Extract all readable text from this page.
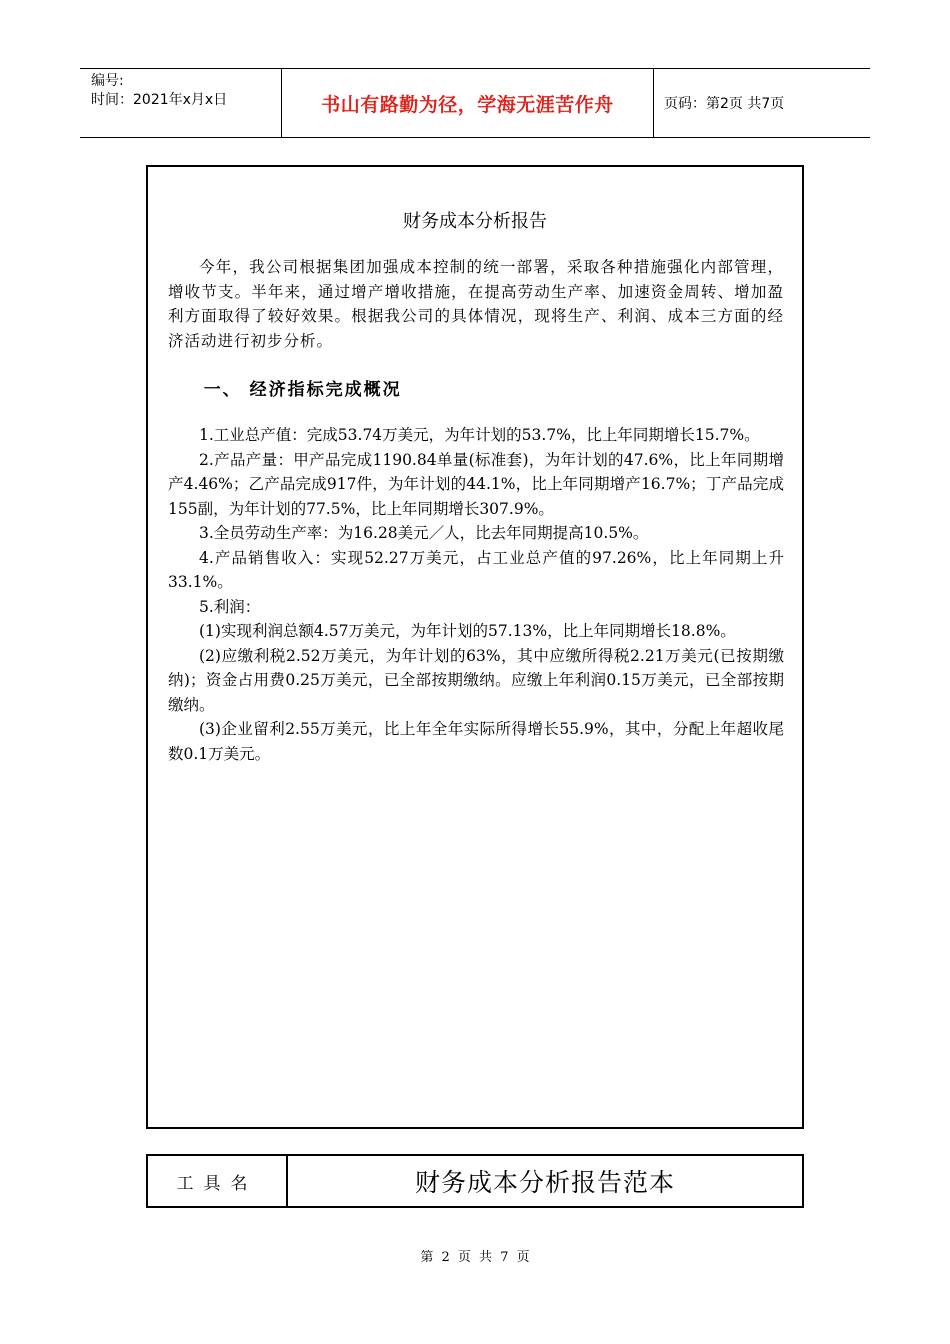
编号:
时间：2021年x月x日	书山有路勤为径，学海无涯苦作舟	页码：第2页 共7页
财务成本分析报告

今年，我公司根据集团加强成本控制的统一部署，采取各种措施强化内部管理，增收节支。半年来，通过增产增收措施，在提高劳动生产率、加速资金周转、增加盈利方面取得了较好效果。根据我公司的具体情况，现将生产、利润、成本三方面的经济活动进行初步分析。

一、 经济指标完成概况

1.工业总产值：完成53.74万美元，为年计划的53.7%，比上年同期增长15.7%。

2.产品产量：甲产品完成1190.84单量(标准套)，为年计划的47.6%，比上年同期增产4.46%；乙产品完成917件，为年计划的44.1%，比上年同期增产16.7%；丁产品完成155副，为年计划的77.5%，比上年同期增长307.9%。

3.全员劳动生产率：为16.28美元／人，比去年同期提高10.5%。

4.产品销售收入：实现52.27万美元，占工业总产值的97.26%，比上年同期上升33.1%。

5.利润：

(1)实现利润总额4.57万美元，为年计划的57.13%，比上年同期增长18.8%。

(2)应缴利税2.52万美元，为年计划的63%，其中应缴所得税2.21万美元(已按期缴纳)；资金占用费0.25万美元，已全部按期缴纳。应缴上年利润0.15万美元，已全部按期缴纳。

(3)企业留利2.55万美元，比上年全年实际所得增长55.9%，其中，分配上年超收尾数0.1万美元。

工具名	财务成本分析报告范本
第 2 页 共 7 页
